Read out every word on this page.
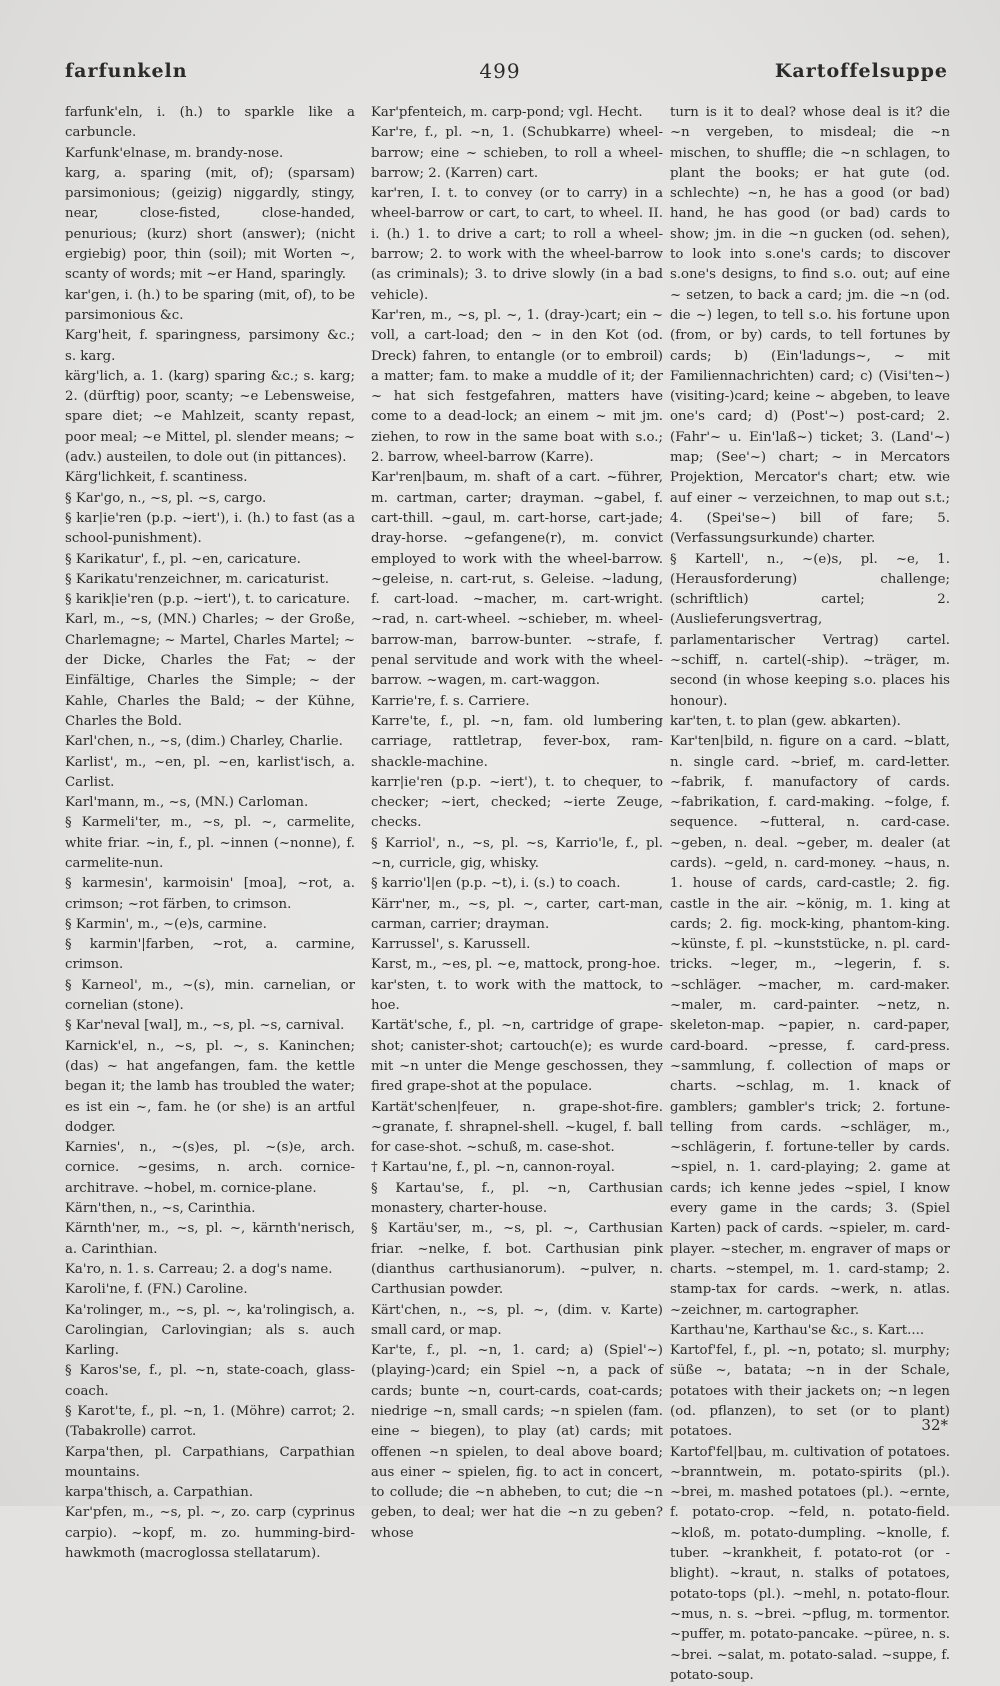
farfunkeln	499	Kartoffelsuppe

farfunk'eln, i. (h.) to sparkle like a carbuncle.

Karfunk'elnase, m. brandy-nose.

karg, a. sparing (mit, of); (sparsam) parsimonious; (geizig) niggardly, stingy, near, close-fisted, close-handed, penurious; (kurz) short (answer); (nicht ergiebig) poor, thin (soil); mit Worten ~, scanty of words; mit ~er Hand, sparingly.

kar'gen, i. (h.) to be sparing (mit, of), to be parsimonious &c.

Karg'heit, f. sparingness, parsimony &c.; s. karg.

kärg'lich, a. 1. (karg) sparing &c.; s. karg; 2. (dürftig) poor, scanty; ~e Lebensweise, spare diet; ~e Mahlzeit, scanty repast, poor meal; ~e Mittel, pl. slender means; ~ (adv.) austeilen, to dole out (in pittances).

Kärg'lichkeit, f. scantiness.

§ Kar'go, n., ~s, pl. ~s, cargo.

§ kar|ie'ren (p.p. ~iert'), i. (h.) to fast (as a school-punishment).

§ Karikatur', f., pl. ~en, caricature.

§ Karikatu'renzeichner, m. caricaturist.

§ karik|ie'ren (p.p. ~iert'), t. to caricature.

Karl, m., ~s, (MN.) Charles; ~ der Große, Charlemagne; ~ Martel, Charles Martel; ~ der Dicke, Charles the Fat; ~ der Einfältige, Charles the Simple; ~ der Kahle, Charles the Bald; ~ der Kühne, Charles the Bold.

Karl'chen, n., ~s, (dim.) Charley, Charlie.

Karlist', m., ~en, pl. ~en, karlist'isch, a. Carlist.

Karl'mann, m., ~s, (MN.) Carloman.

§ Karmeli'ter, m., ~s, pl. ~, carmelite, white friar. ~in, f., pl. ~innen (~nonne), f. carmelite-nun.

§ karmesin', karmoisin' [moa], ~rot, a. crimson; ~rot färben, to crimson.

§ Karmin', m., ~(e)s, carmine.

§ karmin'|farben, ~rot, a. carmine, crimson.

§ Karneol', m., ~(s), min. carnelian, or cornelian (stone).

§ Kar'neval [wal], m., ~s, pl. ~s, carnival.

Karnick'el, n., ~s, pl. ~, s. Kaninchen; (das) ~ hat angefangen, fam. the kettle began it; the lamb has troubled the water; es ist ein ~, fam. he (or she) is an artful dodger.

Karnies', n., ~(s)es, pl. ~(s)e, arch. cornice. ~gesims, n. arch. cornice-architrave. ~hobel, m. cornice-plane.

Kärn'then, n., ~s, Carinthia.

Kärnth'ner, m., ~s, pl. ~, kärnth'nerisch, a. Carinthian.

Ka'ro, n. 1. s. Carreau; 2. a dog's name.

Karoli'ne, f. (FN.) Caroline.

Ka'rolinger, m., ~s, pl. ~, ka'rolingisch, a. Carolingian, Carlovingian; als s. auch Karling.

§ Karos'se, f., pl. ~n, state-coach, glass-coach.

§ Karot'te, f., pl. ~n, 1. (Möhre) carrot; 2. (Tabakrolle) carrot.

Karpa'then, pl. Carpathians, Carpathian mountains.

karpa'thisch, a. Carpathian.

Kar'pfen, m., ~s, pl. ~, zo. carp (cyprinus carpio). ~kopf, m. zo. humming-bird-hawkmoth (macroglossa stellatarum).

Kar'pfenteich, m. carp-pond; vgl. Hecht.

Kar're, f., pl. ~n, 1. (Schubkarre) wheel-barrow; eine ~ schieben, to roll a wheel-barrow; 2. (Karren) cart.

kar'ren, I. t. to convey (or to carry) in a wheel-barrow or cart, to cart, to wheel. II. i. (h.) 1. to drive a cart; to roll a wheel-barrow; 2. to work with the wheel-barrow (as criminals); 3. to drive slowly (in a bad vehicle).

Kar'ren, m., ~s, pl. ~, 1. (dray-)cart; ein ~ voll, a cart-load; den ~ in den Kot (od. Dreck) fahren, to entangle (or to embroil) a matter; fam. to make a muddle of it; der ~ hat sich festgefahren, matters have come to a dead-lock; an einem ~ mit jm. ziehen, to row in the same boat with s.o.; 2. barrow, wheel-barrow (Karre).

Kar'ren|baum, m. shaft of a cart. ~führer, m. cartman, carter; drayman. ~gabel, f. cart-thill. ~gaul, m. cart-horse, cart-jade; dray-horse. ~gefangene(r), m. convict employed to work with the wheel-barrow. ~geleise, n. cart-rut, s. Geleise. ~ladung, f. cart-load. ~macher, m. cart-wright. ~rad, n. cart-wheel. ~schieber, m. wheel-barrow-man, barrow-bunter. ~strafe, f. penal servitude and work with the wheel-barrow. ~wagen, m. cart-waggon.

Karrie're, f. s. Carriere.

Karre'te, f., pl. ~n, fam. old lumbering carriage, rattletrap, fever-box, ram-shackle-machine.

karr|ie'ren (p.p. ~iert'), t. to chequer, to checker; ~iert, checked; ~ierte Zeuge, checks.

§ Karriol', n., ~s, pl. ~s, Karrio'le, f., pl. ~n, curricle, gig, whisky.

§ karrio'l|en (p.p. ~t), i. (s.) to coach.

Kärr'ner, m., ~s, pl. ~, carter, cart-man, carman, carrier; drayman.

Karrussel', s. Karussell.

Karst, m., ~es, pl. ~e, mattock, prong-hoe.

kar'sten, t. to work with the mattock, to hoe.

Kartät'sche, f., pl. ~n, cartridge of grape-shot; canister-shot; cartouch(e); es wurde mit ~n unter die Menge geschossen, they fired grape-shot at the populace.

Kartät'schen|feuer, n. grape-shot-fire. ~granate, f. shrapnel-shell. ~kugel, f. ball for case-shot. ~schuß, m. case-shot.

† Kartau'ne, f., pl. ~n, cannon-royal.

§ Kartau'se, f., pl. ~n, Carthusian monastery, charter-house.

§ Kartäu'ser, m., ~s, pl. ~, Carthusian friar. ~nelke, f. bot. Carthusian pink (dianthus carthusianorum). ~pulver, n. Carthusian powder.

Kärt'chen, n., ~s, pl. ~, (dim. v. Karte) small card, or map.

Kar'te, f., pl. ~n, 1. card; a) (Spiel'~) (playing-)card; ein Spiel ~n, a pack of cards; bunte ~n, court-cards, coat-cards; niedrige ~n, small cards; ~n spielen (fam. eine ~ biegen), to play (at) cards; mit offenen ~n spielen, to deal above board; aus einer ~ spielen, fig. to act in concert, to collude; die ~n abheben, to cut; die ~n geben, to deal; wer hat die ~n zu geben? whose

turn is it to deal? whose deal is it? die ~n vergeben, to misdeal; die ~n mischen, to shuffle; die ~n schlagen, to plant the books; er hat gute (od. schlechte) ~n, he has a good (or bad) hand, he has good (or bad) cards to show; jm. in die ~n gucken (od. sehen), to look into s.one's cards; to discover s.one's designs, to find s.o. out; auf eine ~ setzen, to back a card; jm. die ~n (od. die ~) legen, to tell s.o. his fortune upon (from, or by) cards, to tell fortunes by cards; b) (Ein'ladungs~, ~ mit Familiennachrichten) card; c) (Visi'ten~) (visiting-)card; keine ~ abgeben, to leave one's card; d) (Post'~) post-card; 2. (Fahr'~ u. Ein'laß~) ticket; 3. (Land'~) map; (See'~) chart; ~ in Mercators Projektion, Mercator's chart; etw. wie auf einer ~ verzeichnen, to map out s.t.; 4. (Spei'se~) bill of fare; 5. (Verfassungsurkunde) charter.

§ Kartell', n., ~(e)s, pl. ~e, 1. (Herausforderung) challenge; (schriftlich) cartel; 2. (Auslieferungsvertrag, parlamentarischer Vertrag) cartel. ~schiff, n. cartel(-ship). ~träger, m. second (in whose keeping s.o. places his honour).

kar'ten, t. to plan (gew. abkarten).

Kar'ten|bild, n. figure on a card. ~blatt, n. single card. ~brief, m. card-letter. ~fabrik, f. manufactory of cards. ~fabrikation, f. card-making. ~folge, f. sequence. ~futteral, n. card-case. ~geben, n. deal. ~geber, m. dealer (at cards). ~geld, n. card-money. ~haus, n. 1. house of cards, card-castle; 2. fig. castle in the air. ~könig, m. 1. king at cards; 2. fig. mock-king, phantom-king. ~künste, f. pl. ~kunststücke, n. pl. card-tricks. ~leger, m., ~legerin, f. s. ~schläger. ~macher, m. card-maker. ~maler, m. card-painter. ~netz, n. skeleton-map. ~papier, n. card-paper, card-board. ~presse, f. card-press. ~sammlung, f. collection of maps or charts. ~schlag, m. 1. knack of gamblers; gambler's trick; 2. fortune-telling from cards. ~schläger, m., ~schlägerin, f. fortune-teller by cards. ~spiel, n. 1. card-playing; 2. game at cards; ich kenne jedes ~spiel, I know every game in the cards; 3. (Spiel Karten) pack of cards. ~spieler, m. card-player. ~stecher, m. engraver of maps or charts. ~stempel, m. 1. card-stamp; 2. stamp-tax for cards. ~werk, n. atlas. ~zeichner, m. cartographer.

Karthau'ne, Karthau'se &c., s. Kart....

Kartof'fel, f., pl. ~n, potato; sl. murphy; süße ~, batata; ~n in der Schale, potatoes with their jackets on; ~n legen (od. pflanzen), to set (or to plant) potatoes.

Kartof'fel|bau, m. cultivation of potatoes. ~branntwein, m. potato-spirits (pl.). ~brei, m. mashed potatoes (pl.). ~ernte, f. potato-crop. ~feld, n. potato-field. ~kloß, m. potato-dumpling. ~knolle, f. tuber. ~krankheit, f. potato-rot (or -blight). ~kraut, n. stalks of potatoes, potato-tops (pl.). ~mehl, n. potato-flour. ~mus, n. s. ~brei. ~pflug, m. tormentor. ~puffer, m. potato-pancake. ~püree, n. s. ~brei. ~salat, m. potato-salad. ~suppe, f. potato-soup.

32*
